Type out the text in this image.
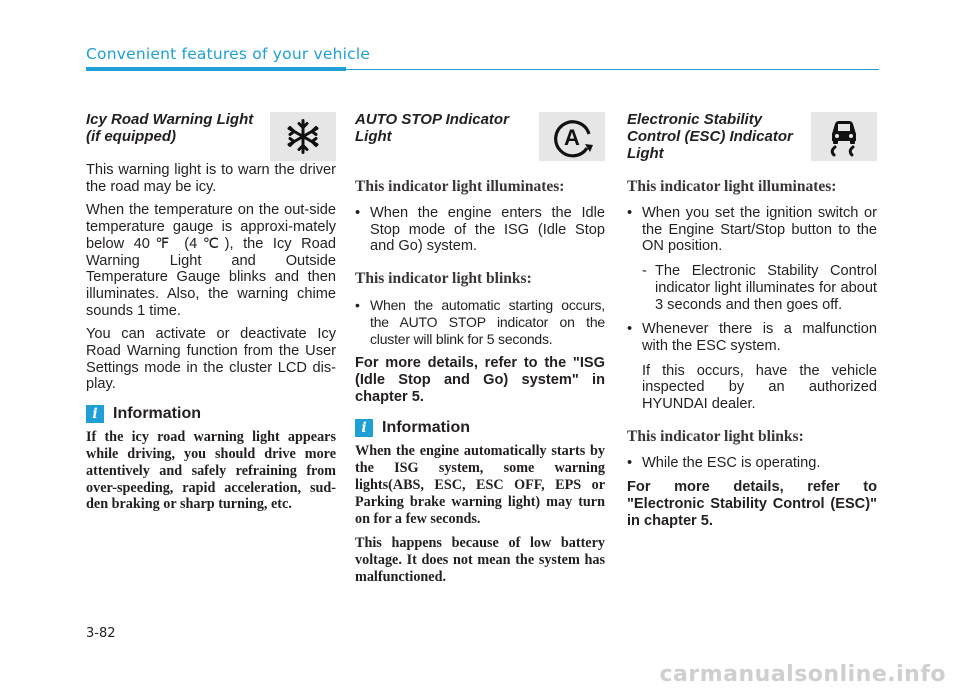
Convenient features of your vehicle
Icy Road Warning Light
(if equipped)

This warning light is to warn the driver the road may be icy.

When the temperature on the out-side temperature gauge is approxi-mately below 40℉ (4℃), the Icy Road Warning Light and Outside Temperature Gauge blinks and then illuminates. Also, the warning chime sounds 1 time.

You can activate or deactivate Icy Road Warning function from the User Settings mode in the cluster LCD dis-play.

i Information

If the icy road warning light appears while driving, you should drive more attentively and safely refraining from over-speeding, rapid acceleration, sud-den braking or sharp turning, etc.

AUTO STOP Indicator
Light	A

This indicator light illuminates:

• When the engine enters the Idle Stop mode of the ISG (Idle Stop and Go) system.

This indicator light blinks:

• When the automatic starting occurs, the AUTO STOP indicator on the cluster will blink for 5 seconds.

For more details, refer to the "ISG (Idle Stop and Go) system" in chapter 5.

i Information

When the engine automatically starts by the ISG system, some warning lights(ABS, ESC, ESC OFF, EPS or Parking brake warning light) may turn on for a few seconds.

This happens because of low battery voltage. It does not mean the system has malfunctioned.

Electronic Stability
Control (ESC) Indicator
Light

This indicator light illuminates:

• When you set the ignition switch or the Engine Start/Stop button to the ON position.
- The Electronic Stability Control indicator light illuminates for about 3 seconds and then goes off.
• Whenever there is a malfunction with the ESC system.

If this occurs, have the vehicle inspected by an authorized HYUNDAI dealer.

This indicator light blinks:

• While the ESC is operating.

For more details, refer to "Electronic Stability Control (ESC)" in chapter 5.

3-82
carmanualsonline.info
